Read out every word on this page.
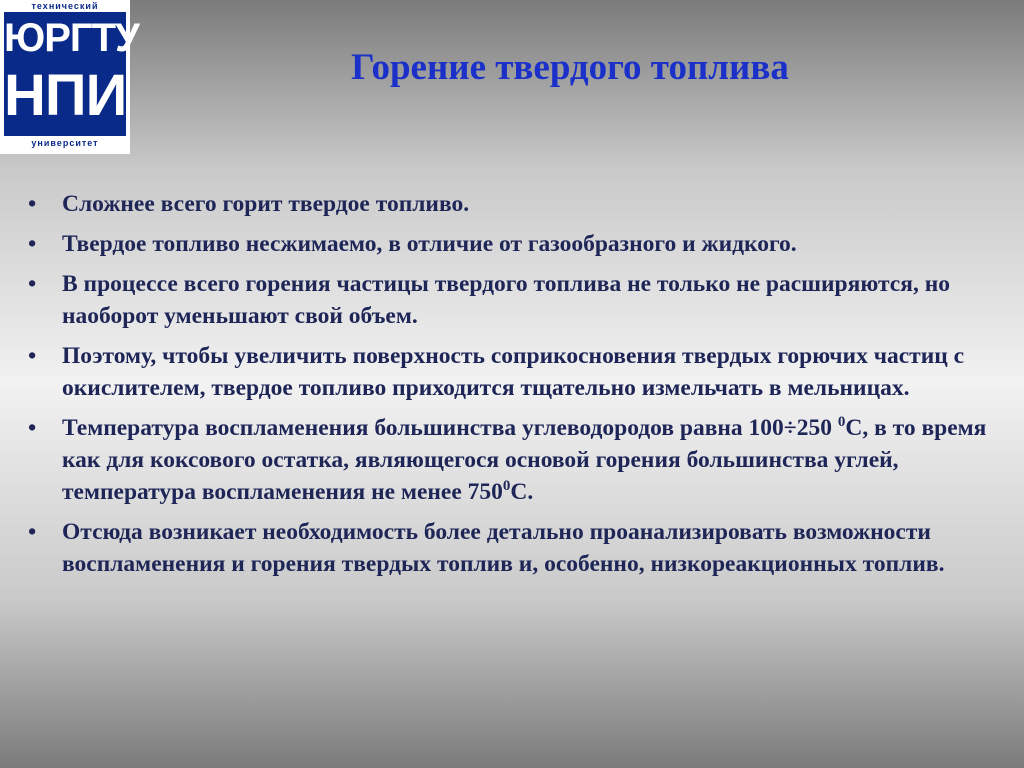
технический
ЮРГТУ
НПИ
университет
Горение твердого топлива
•	Сложнее всего горит твердое топливо.
•	Твердое топливо несжимаемо, в отличие от газообразного и жидкого.
•	В процессе всего горения частицы твердого топлива не только не расширяются, но наоборот уменьшают свой объем.
•	Поэтому, чтобы увеличить поверхность соприкосновения твердых горючих частиц с окислителем, твердое топливо приходится тщательно измельчать в мельницах.
•	Температура воспламенения большинства углеводородов равна 100÷250 $^0$С, в то время как для коксового остатка, являющегося основой горения большинства углей, температура воспламенения не менее $750^0С$.
•	Отсюда возникает необходимость более детально проанализировать возможности воспламенения и горения твердых топлив и, особенно, низкореакционных топлив.
